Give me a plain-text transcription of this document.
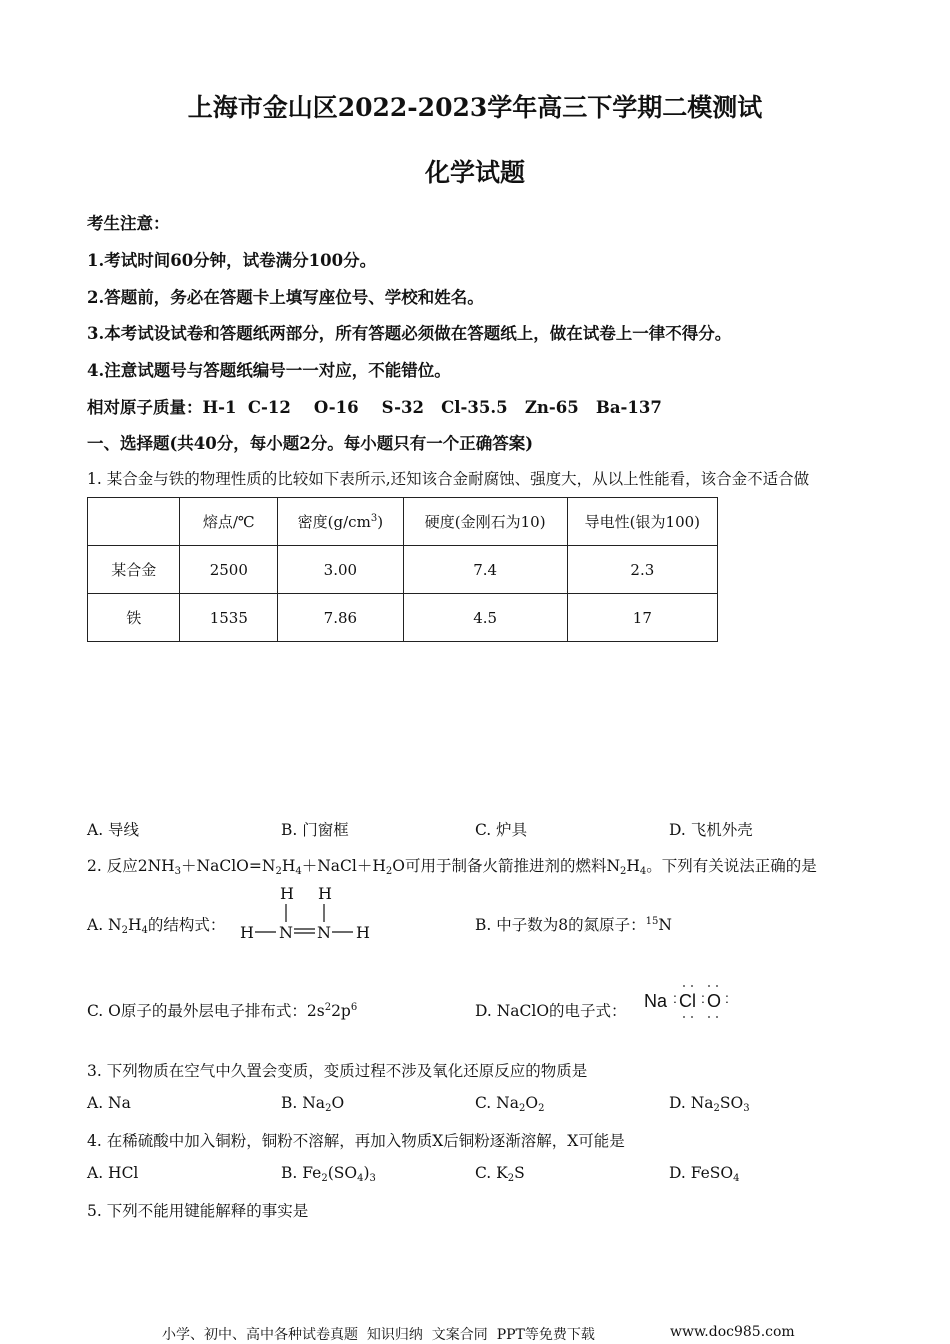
上海市金山区2022-2023学年高三下学期二模测试
化学试题
考生注意：
1.考试时间60分钟，试卷满分100分。
2.答题前，务必在答题卡上填写座位号、学校和姓名。
3.本考试设试卷和答题纸两部分，所有答题必须做在答题纸上，做在试卷上一律不得分。
4.注意试题号与答题纸编号一一对应，不能错位。
相对原子质量：H-1  C-12    O-16    S-32   Cl-35.5   Zn-65   Ba-137
一、选择题(共40分，每小题2分。每小题只有一个正确答案)
1. 某合金与铁的物理性质的比较如下表所示,还知该合金耐腐蚀、强度大，从以上性能看，该合金不适合做
	熔点/℃	密度$(g/cm^3)$	硬度(金刚石为10)	导电性(银为100)
某合金	2500	3.00	7.4	2.3
铁	1535	7.86	4.5	17
A. 导线	B. 门窗框	C. 炉具	D. 飞机外壳
2. 反应$2NH_3+NaClO=N_2H_4+NaCl+H_2O$可用于制备火箭推进剂的燃料$N_2H_4$。下列有关说法正确的是
A. $N_2H_4$的结构式：
H H
H N N H	B. 中子数为8的氮原子：$^{15}$N
C. O原子的最外层电子排布式：$2s^22p^6$	D. NaClO的电子式： Na : Cl : O :
3. 下列物质在空气中久置会变质，变质过程不涉及氧化还原反应的物质是
A. Na	B. $Na_2O$	C. $Na_2O_2$	D. $Na_2SO_3$
4. 在稀硫酸中加入铜粉，铜粉不溶解，再加入物质X后铜粉逐渐溶解，X可能是
A. HCl	B. $Fe_2(SO_4)_3$	C. $K_2S$	D. FeSO$_4$
5. 下列不能用键能解释的事实是
小学、初中、高中各种试卷真题  知识归纳  文案合同  PPT等免费下载	www.doc985.com
